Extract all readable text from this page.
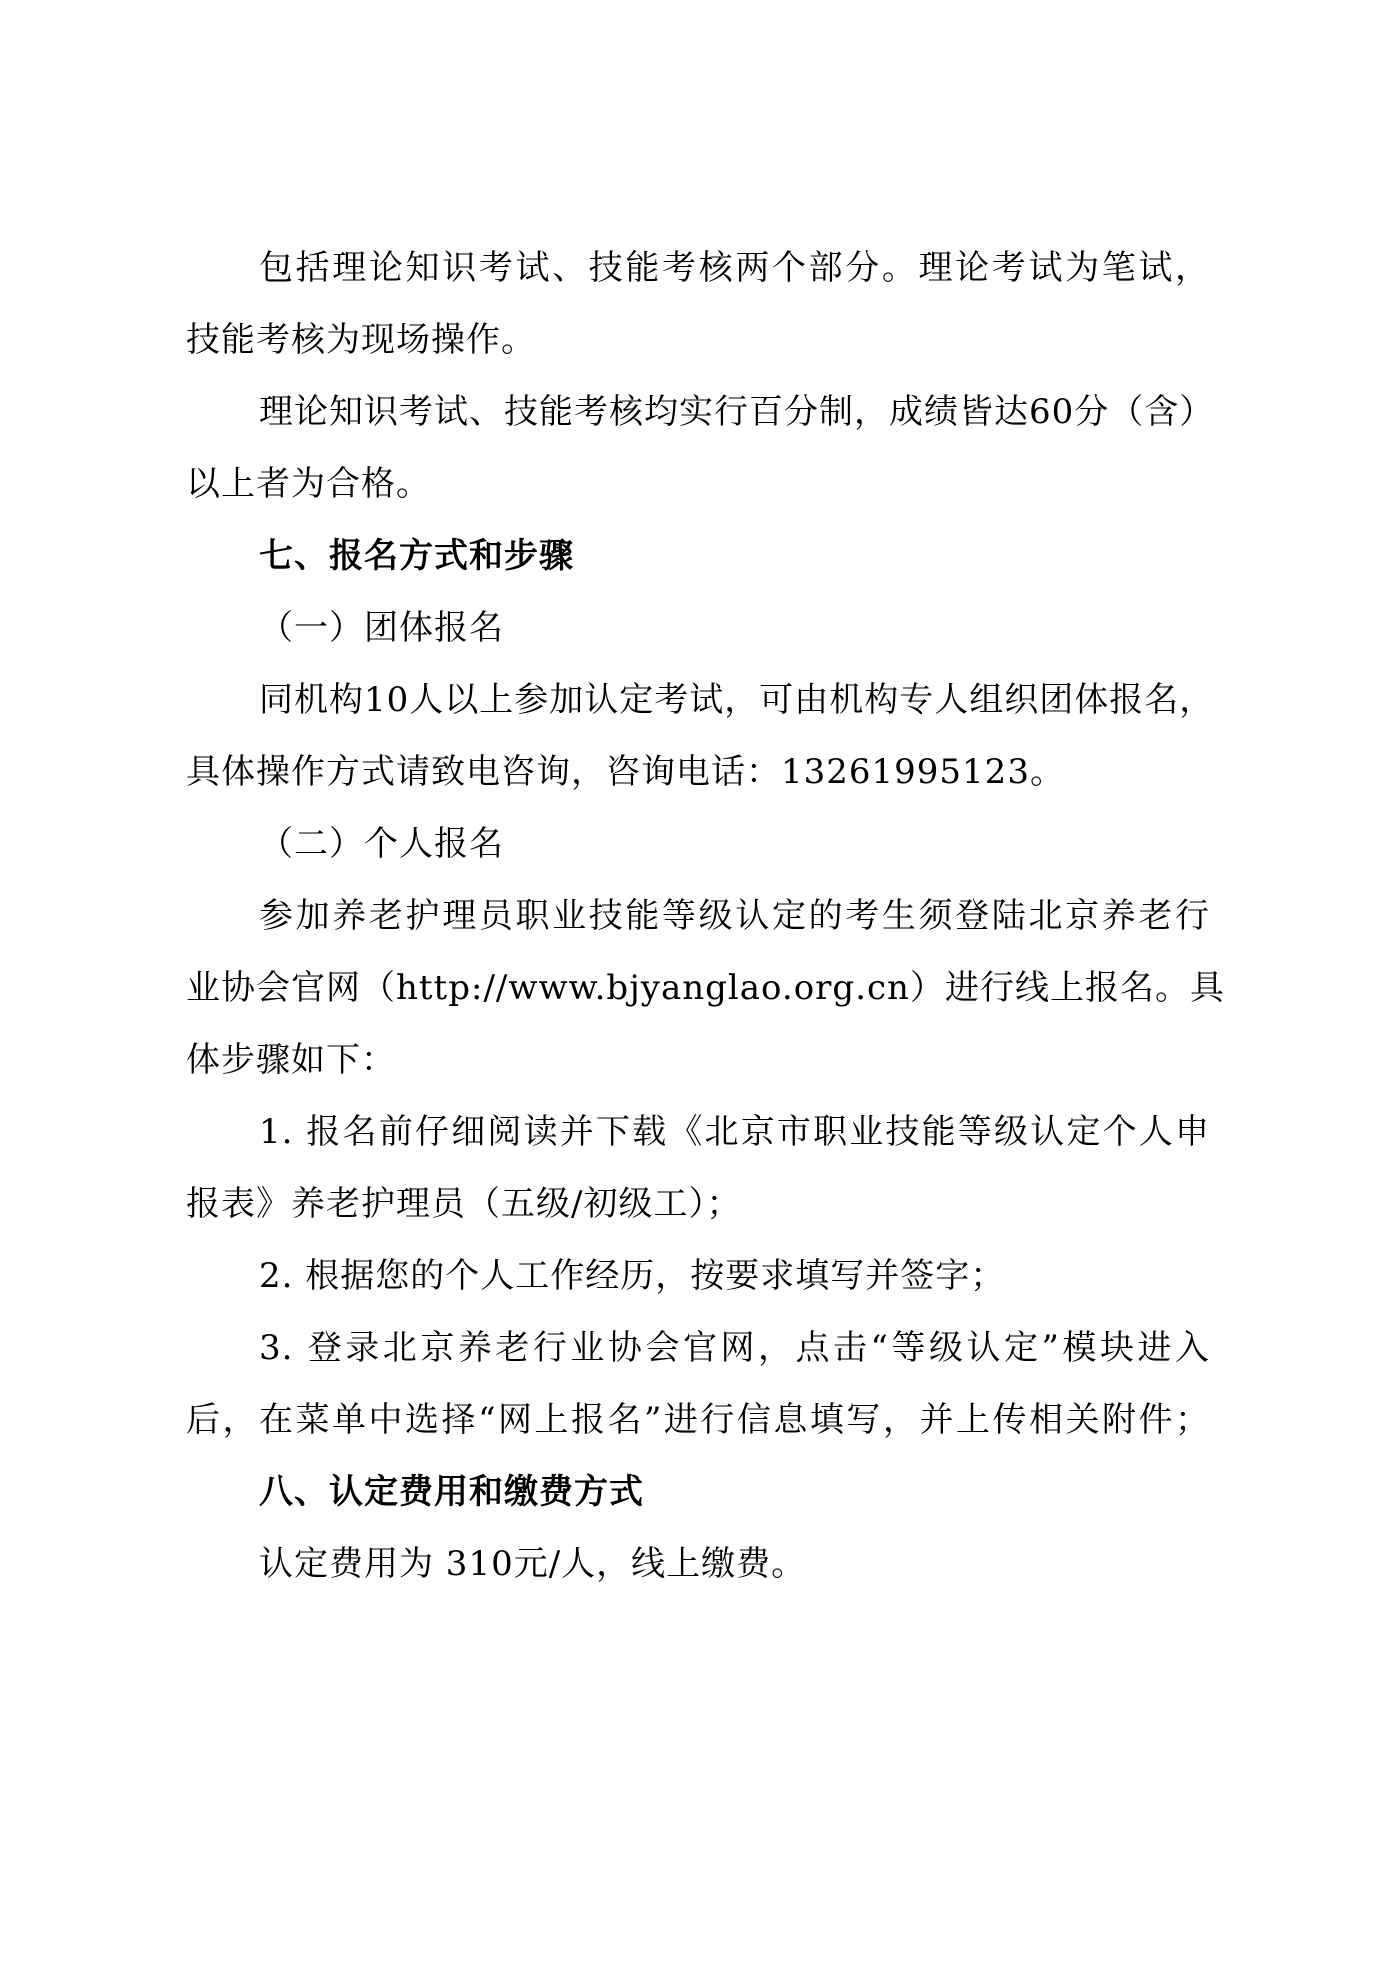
包括理论知识考试、技能考核两个部分。理论考试为笔试，
技能考核为现场操作。
理论知识考试、技能考核均实行百分制，成绩皆达60分（含）
以上者为合格。
七、报名方式和步骤
（一）团体报名
同机构10人以上参加认定考试，可由机构专人组织团体报名，
具体操作方式请致电咨询，咨询电话：13261995123。
（二）个人报名
参加养老护理员职业技能等级认定的考生须登陆北京养老行
业协会官网（http://www.bjyanglao.org.cn）进行线上报名。具
体步骤如下：
1. 报名前仔细阅读并下载《北京市职业技能等级认定个人申
报表》养老护理员（五级/初级工）；
2. 根据您的个人工作经历，按要求填写并签字；
3. 登录北京养老行业协会官网，点击“等级认定”模块进入
后，在菜单中选择“网上报名”进行信息填写，并上传相关附件；
八、认定费用和缴费方式
认定费用为 310元/人，线上缴费。
